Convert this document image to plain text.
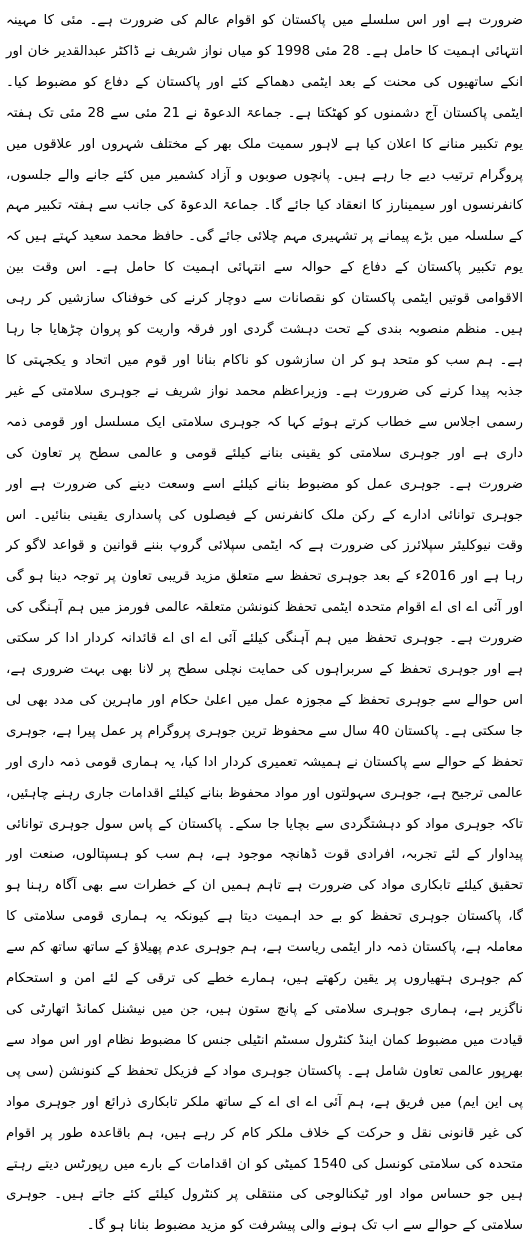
ضرورت ہے اور اس سلسلے میں پاکستان کو اقوام عالم کی ضرورت ہے۔ مئی کا مہینہ انتہائی اہمیت کا حامل ہے۔ 28 مئی 1998 کو میاں نواز شریف نے ڈاکٹر عبدالقدیر خان اور انکے ساتھیوں کی محنت کے بعد ایٹمی دھماکے کئے اور پاکستان کے دفاع کو مضبوط کیا۔ ایٹمی پاکستان آج دشمنوں کو کھٹکتا ہے۔ جماعۃ الدعوۃ نے 21 مئی سے 28 مئی تک ہفتہ یوم تکبیر منانے کا اعلان کیا ہے لاہور سمیت ملک بھر کے مختلف شہروں اور علاقوں میں پروگرام ترتیب دیے جا رہے ہیں۔ پانچوں صوبوں و آزاد کشمیر میں کئے جانے والے جلسوں، کانفرنسوں اور سیمینارز کا انعقاد کیا جائے گا۔ جماعۃ الدعوۃ کی جانب سے ہفتہ تکبیر مہم کے سلسلہ میں بڑے پیمانے پر تشہیری مہم چلائی جائے گی۔ حافظ محمد سعید کہتے ہیں کہ یوم تکبیر پاکستان کے دفاع کے حوالہ سے انتہائی اہمیت کا حامل ہے۔ اس وقت بین الاقوامی قوتیں ایٹمی پاکستان کو نقصانات سے دوچار کرنے کی خوفناک سازشیں کر رہی ہیں۔ منظم منصوبہ بندی کے تحت دہشت گردی اور فرقہ واریت کو پروان چڑھایا جا رہا ہے۔ ہم سب کو متحد ہو کر ان سازشوں کو ناکام بنانا اور قوم میں اتحاد و یکجہتی کا جذبہ پیدا کرنے کی ضرورت ہے۔ وزیراعظم محمد نواز شریف نے جوہری سلامتی کے غیر رسمی اجلاس سے خطاب کرتے ہوئے کہا کہ جوہری سلامتی ایک مسلسل اور قومی ذمہ داری ہے اور جوہری سلامتی کو یقینی بنانے کیلئے قومی و عالمی سطح پر تعاون کی ضرورت ہے۔ جوہری عمل کو مضبوط بنانے کیلئے اسے وسعت دینے کی ضرورت ہے اور جوہری توانائی ادارے کے رکن ملک کانفرنس کے فیصلوں کی پاسداری یقینی بنائیں۔ اس وقت نیوکلیئر سپلائرز کی ضرورت ہے کہ ایٹمی سپلائی گروپ بننے قوانین و قواعد لاگو کر رہا ہے اور 2016ء کے بعد جوہری تحفظ سے متعلق مزید قریبی تعاون پر توجہ دینا ہو گی اور آئی اے ای اے اقوام متحدہ ایٹمی تحفظ کنونشن متعلقہ عالمی فورمز میں ہم آہنگی کی ضرورت ہے۔ جوہری تحفظ میں ہم آہنگی کیلئے آئی اے ای اے قائدانہ کردار ادا کر سکتی ہے اور جوہری تحفظ کے سربراہوں کی حمایت نچلی سطح پر لانا بھی بہت ضروری ہے، اس حوالے سے جوہری تحفظ کے مجوزہ عمل میں اعلیٰ حکام اور ماہرین کی مدد بھی لی جا سکتی ہے۔ پاکستان 40 سال سے محفوظ ترین جوہری پروگرام پر عمل پیرا ہے، جوہری تحفظ کے حوالے سے پاکستان نے ہمیشہ تعمیری کردار ادا کیا، یہ ہماری قومی ذمہ داری اور عالمی ترجیح ہے، جوہری سہولتوں اور مواد محفوظ بنانے کیلئے اقدامات جاری رہنے چاہئیں، تاکہ جوہری مواد کو دہشتگردی سے بچایا جا سکے۔ پاکستان کے پاس سول جوہری توانائی پیداوار کے لئے تجربہ، افرادی قوت ڈھانچہ موجود ہے، ہم سب کو ہسپتالوں، صنعت اور تحقیق کیلئے تابکاری مواد کی ضرورت ہے تاہم ہمیں ان کے خطرات سے بھی آگاہ رہنا ہو گا، پاکستان جوہری تحفظ کو بے حد اہمیت دیتا ہے کیونکہ یہ ہماری قومی سلامتی کا معاملہ ہے، پاکستان ذمہ دار ایٹمی ریاست ہے، ہم جوہری عدم پھیلاؤ کے ساتھ ساتھ کم سے کم جوہری ہتھیاروں پر یقین رکھتے ہیں، ہمارے خطے کی ترقی کے لئے امن و استحکام ناگزیر ہے، ہماری جوہری سلامتی کے پانچ ستون ہیں، جن میں نیشنل کمانڈ اتھارٹی کی قیادت میں مضبوط کمان اینڈ کنٹرول سسٹم انٹیلی جنس کا مضبوط نظام اور اس مواد سے بھرپور عالمی تعاون شامل ہے۔ پاکستان جوہری مواد کے فزیکل تحفظ کے کنونشن (سی پی پی این ایم) میں فریق ہے، ہم آئی اے ای اے کے ساتھ ملکر تابکاری ذرائع اور جوہری مواد کی غیر قانونی نقل و حرکت کے خلاف ملکر کام کر رہے ہیں، ہم باقاعدہ طور پر اقوام متحدہ کی سلامتی کونسل کی 1540 کمیٹی کو ان اقدامات کے بارے میں رپورٹس دیتے رہتے ہیں جو حساس مواد اور ٹیکنالوجی کی منتقلی پر کنٹرول کیلئے کئے جاتے ہیں۔ جوہری سلامتی کے حوالے سے اب تک ہونے والی پیشرفت کو مزید مضبوط بنانا ہو گا۔
